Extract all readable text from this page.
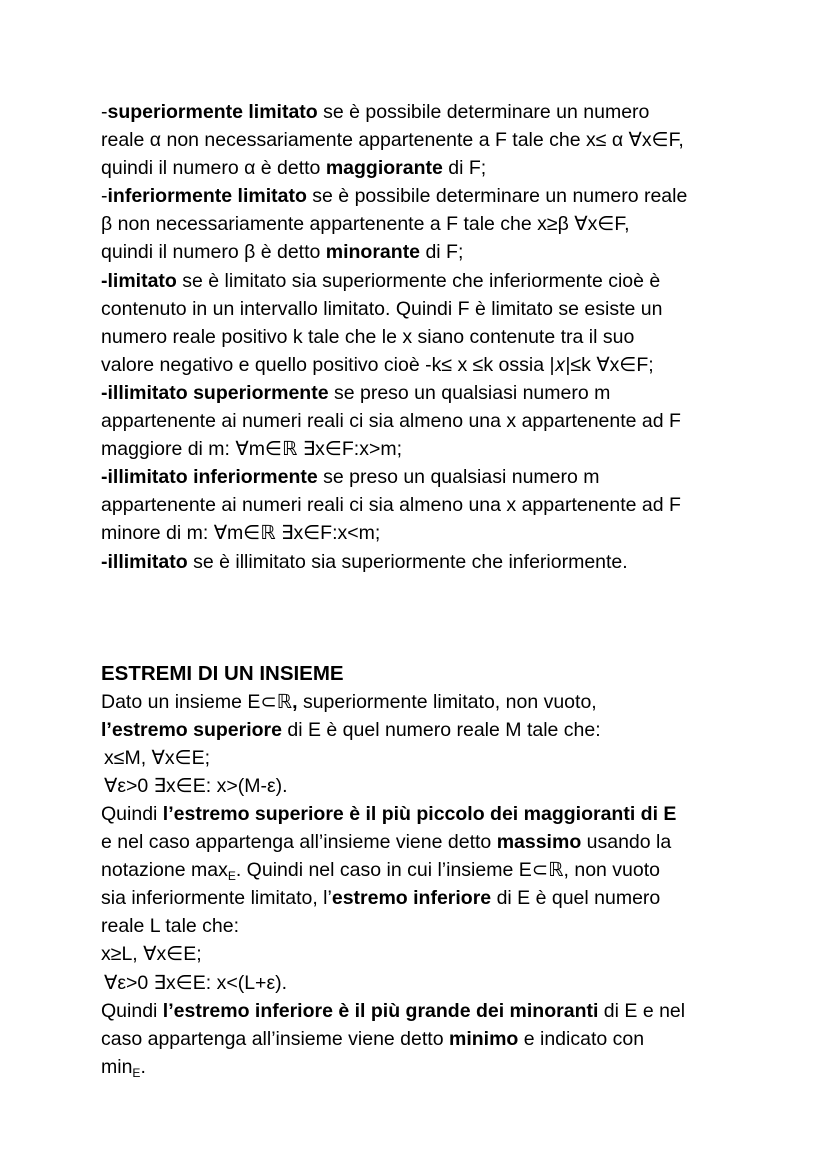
-superiormente limitato se è possibile determinare un numero
reale α non necessariamente appartenente a F tale che x≤ α ∀x∈F,
quindi il numero α è detto maggiorante di F;
-inferiormente limitato se è possibile determinare un numero reale
β non necessariamente appartenente a F tale che x≥β ∀x∈F,
quindi il numero β è detto minorante di F;
-limitato se è limitato sia superiormente che inferiormente cioè è
contenuto in un intervallo limitato. Quindi F è limitato se esiste un
numero reale positivo k tale che le x siano contenute tra il suo
valore negativo e quello positivo cioè -k≤ x ≤k ossia |𝑥|≤k ∀x∈F;
-illimitato superiormente se preso un qualsiasi numero m
appartenente ai numeri reali ci sia almeno una x appartenente ad F
maggiore di m: ∀m∈ℝ ∃x∈F:x>m;
-illimitato inferiormente se preso un qualsiasi numero m
appartenente ai numeri reali ci sia almeno una x appartenente ad F
minore di m: ∀m∈ℝ ∃x∈F:x<m;
-illimitato se è illimitato sia superiormente che inferiormente.
ESTREMI DI UN INSIEME
Dato un insieme E⊂ℝ, superiormente limitato, non vuoto,
l’estremo superiore di E è quel numero reale M tale che:
x≤M, ∀x∈E;
∀ε>0 ∃x∈E: x>(M-ε).
Quindi l’estremo superiore è il più piccolo dei maggioranti di E
e nel caso appartenga all’insieme viene detto massimo usando la
notazione $\max_E$. Quindi nel caso in cui l’insieme E⊂ℝ, non vuoto
sia inferiormente limitato, l’estremo inferiore di E è quel numero
reale L tale che:
x≥L, ∀x∈E;
∀ε>0 ∃x∈E: x<(L+ε).
Quindi l’estremo inferiore è il più grande dei minoranti di E e nel
caso appartenga all’insieme viene detto minimo e indicato con
$\min_E$.
